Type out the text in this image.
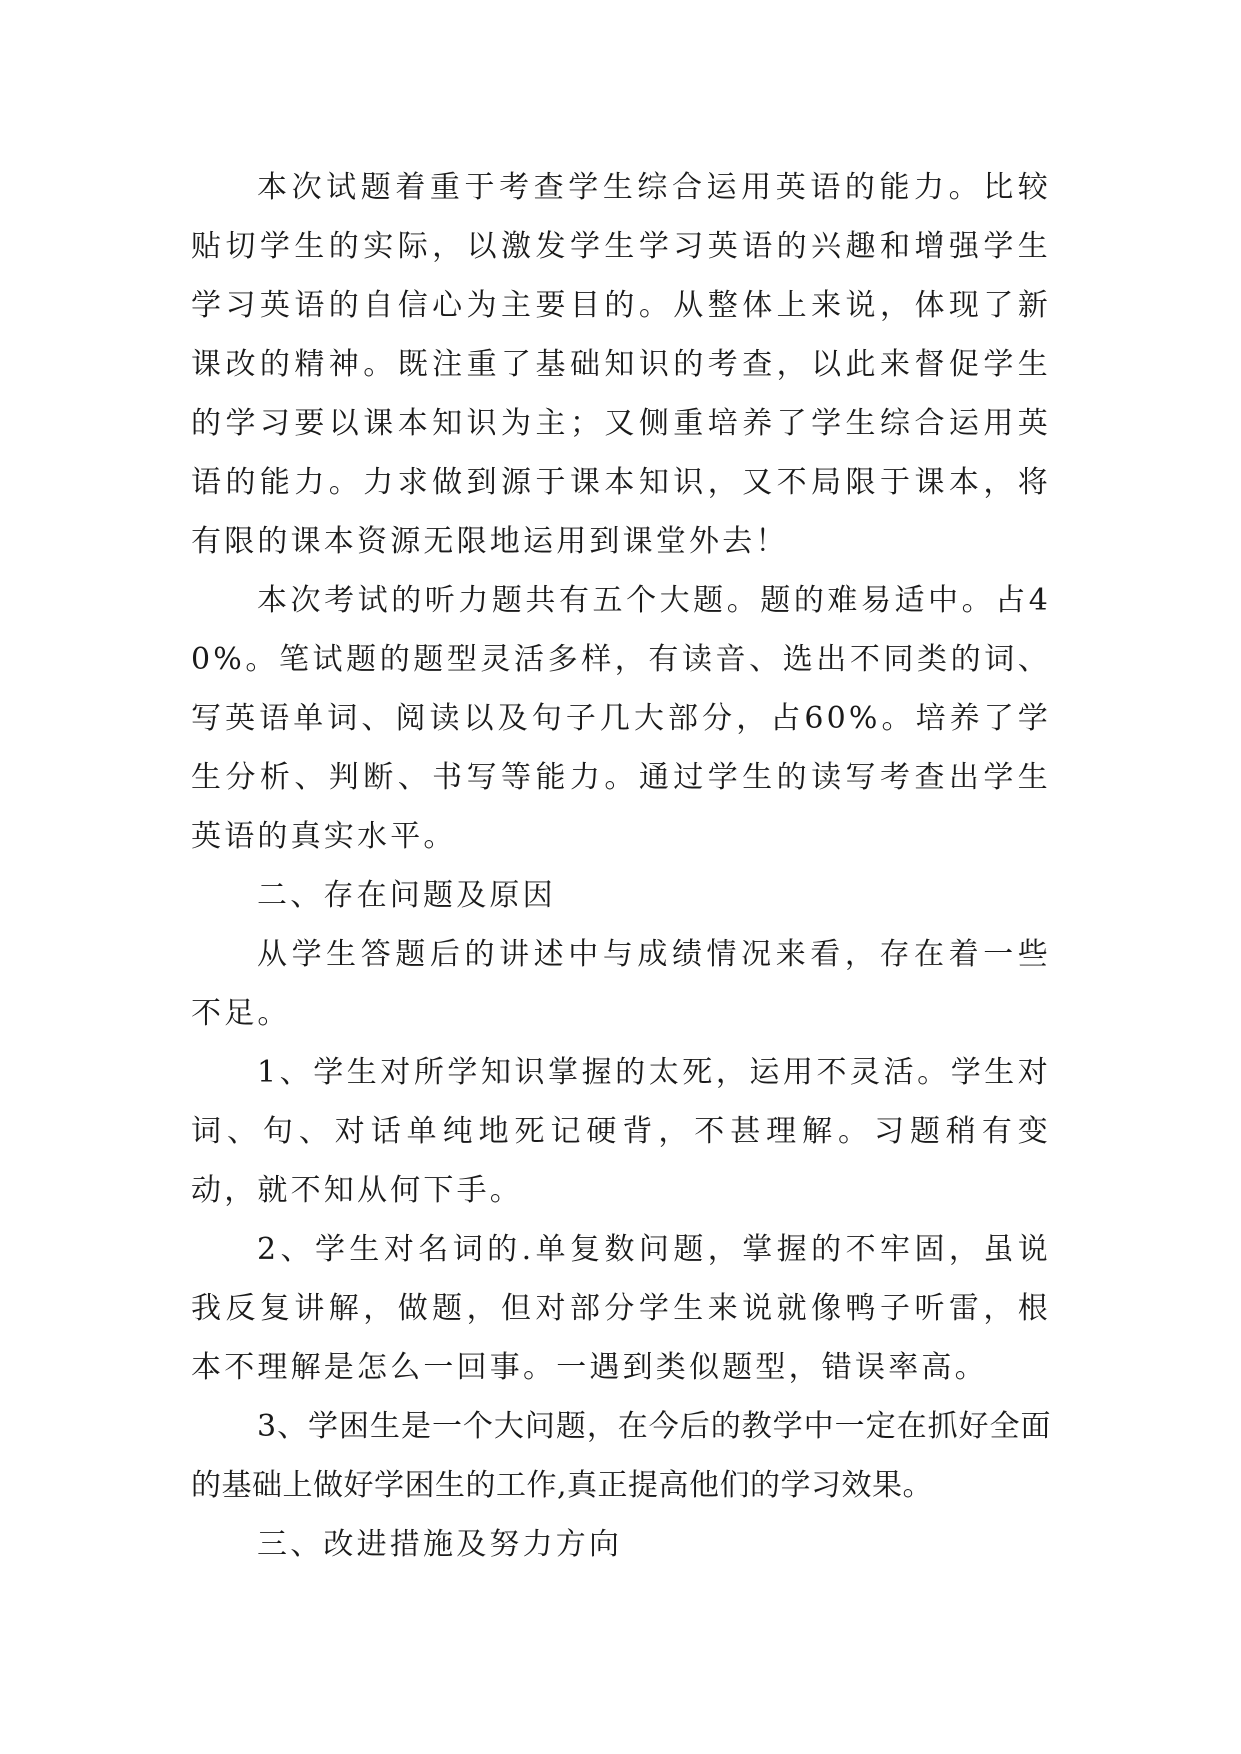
本次试题着重于考查学生综合运用英语的能力。比较贴切学生的实际，以激发学生学习英语的兴趣和增强学生学习英语的自信心为主要目的。从整体上来说，体现了新课改的精神。既注重了基础知识的考查，以此来督促学生的学习要以课本知识为主；又侧重培养了学生综合运用英语的能力。力求做到源于课本知识，又不局限于课本，将有限的课本资源无限地运用到课堂外去！

本次考试的听力题共有五个大题。题的难易适中。占40%。笔试题的题型灵活多样，有读音、选出不同类的词、写英语单词、阅读以及句子几大部分，占60%。培养了学生分析、判断、书写等能力。通过学生的读写考查出学生英语的真实水平。

二、存在问题及原因

从学生答题后的讲述中与成绩情况来看，存在着一些不足。

1、学生对所学知识掌握的太死，运用不灵活。学生对词、句、对话单纯地死记硬背，不甚理解。习题稍有变动，就不知从何下手。

2、学生对名词的.单复数问题，掌握的不牢固，虽说我反复讲解，做题，但对部分学生来说就像鸭子听雷，根本不理解是怎么一回事。一遇到类似题型，错误率高。

3、学困生是一个大问题，在今后的教学中一定在抓好全面的基础上做好学困生的工作,真正提高他们的学习效果。

三、改进措施及努力方向
